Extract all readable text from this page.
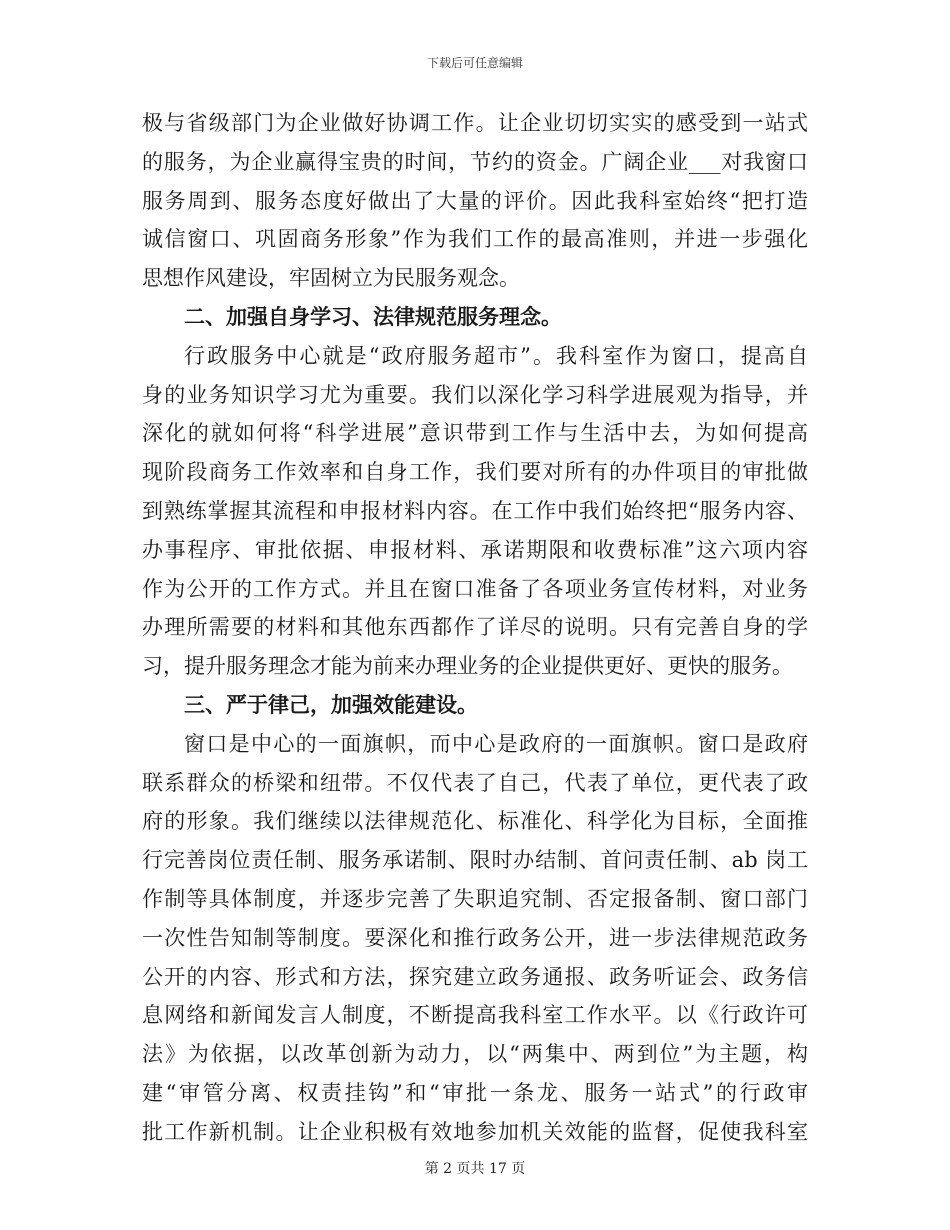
下载后可任意编辑
极与省级部门为企业做好协调工作。让企业切切实实的感受到一站式
的服务，为企业赢得宝贵的时间，节约的资金。广阔企业___对我窗口
服务周到、服务态度好做出了大量的评价。因此我科室始终“把打造
诚信窗口、巩固商务形象”作为我们工作的最高准则，并进一步强化
思想作风建设，牢固树立为民服务观念。
二、加强自身学习、法律规范服务理念。
行政服务中心就是“政府服务超市”。我科室作为窗口，提高自
身的业务知识学习尤为重要。我们以深化学习科学进展观为指导，并
深化的就如何将“科学进展”意识带到工作与生活中去，为如何提高
现阶段商务工作效率和自身工作，我们要对所有的办件项目的审批做
到熟练掌握其流程和申报材料内容。在工作中我们始终把“服务内容、
办事程序、审批依据、申报材料、承诺期限和收费标准”这六项内容
作为公开的工作方式。并且在窗口准备了各项业务宣传材料，对业务
办理所需要的材料和其他东西都作了详尽的说明。只有完善自身的学
习，提升服务理念才能为前来办理业务的企业提供更好、更快的服务。
三、严于律己，加强效能建设。
窗口是中心的一面旗帜，而中心是政府的一面旗帜。窗口是政府
联系群众的桥梁和纽带。不仅代表了自己，代表了单位，更代表了政
府的形象。我们继续以法律规范化、标准化、科学化为目标，全面推
行完善岗位责任制、服务承诺制、限时办结制、首问责任制、ab 岗工
作制等具体制度，并逐步完善了失职追究制、否定报备制、窗口部门
一次性告知制等制度。要深化和推行政务公开，进一步法律规范政务
公开的内容、形式和方法，探究建立政务通报、政务听证会、政务信
息网络和新闻发言人制度，不断提高我科室工作水平。以《行政许可
法》为依据，以改革创新为动力，以“两集中、两到位”为主题，构
建“审管分离、权责挂钩”和“审批一条龙、服务一站式”的行政审
批工作新机制。让企业积极有效地参加机关效能的监督，促使我科室
第 2 页共 17 页
